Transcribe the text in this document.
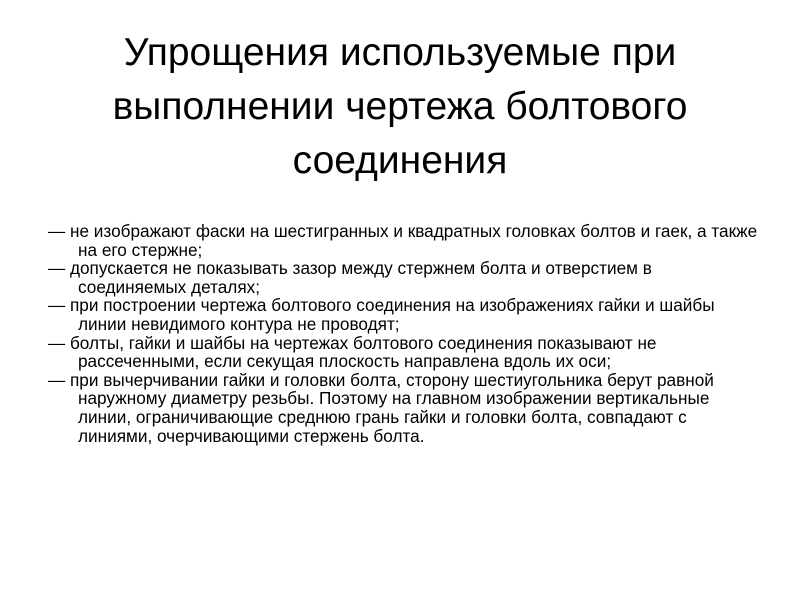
Упрощения используемые при выполнении чертежа болтового соединения
— не изображают фаски на шестигранных и квадратных головках болтов и гаек, а также на его стержне;
— допускается не показывать зазор между стержнем болта и отверстием в соединяемых деталях;
— при построении чертежа болтового соединения на изображениях гайки и шайбы линии невидимого контура не проводят;
— болты, гайки и шайбы на чертежах болтового соединения показывают не рассеченными, если секущая плоскость направлена вдоль их оси;
— при вычерчивании гайки и головки болта, сторону шестиугольника берут равной наружному диаметру резьбы. Поэтому на главном изображении вертикальные линии, ограничивающие среднюю грань гайки и головки болта, совпадают с линиями, очерчивающими стержень болта.
